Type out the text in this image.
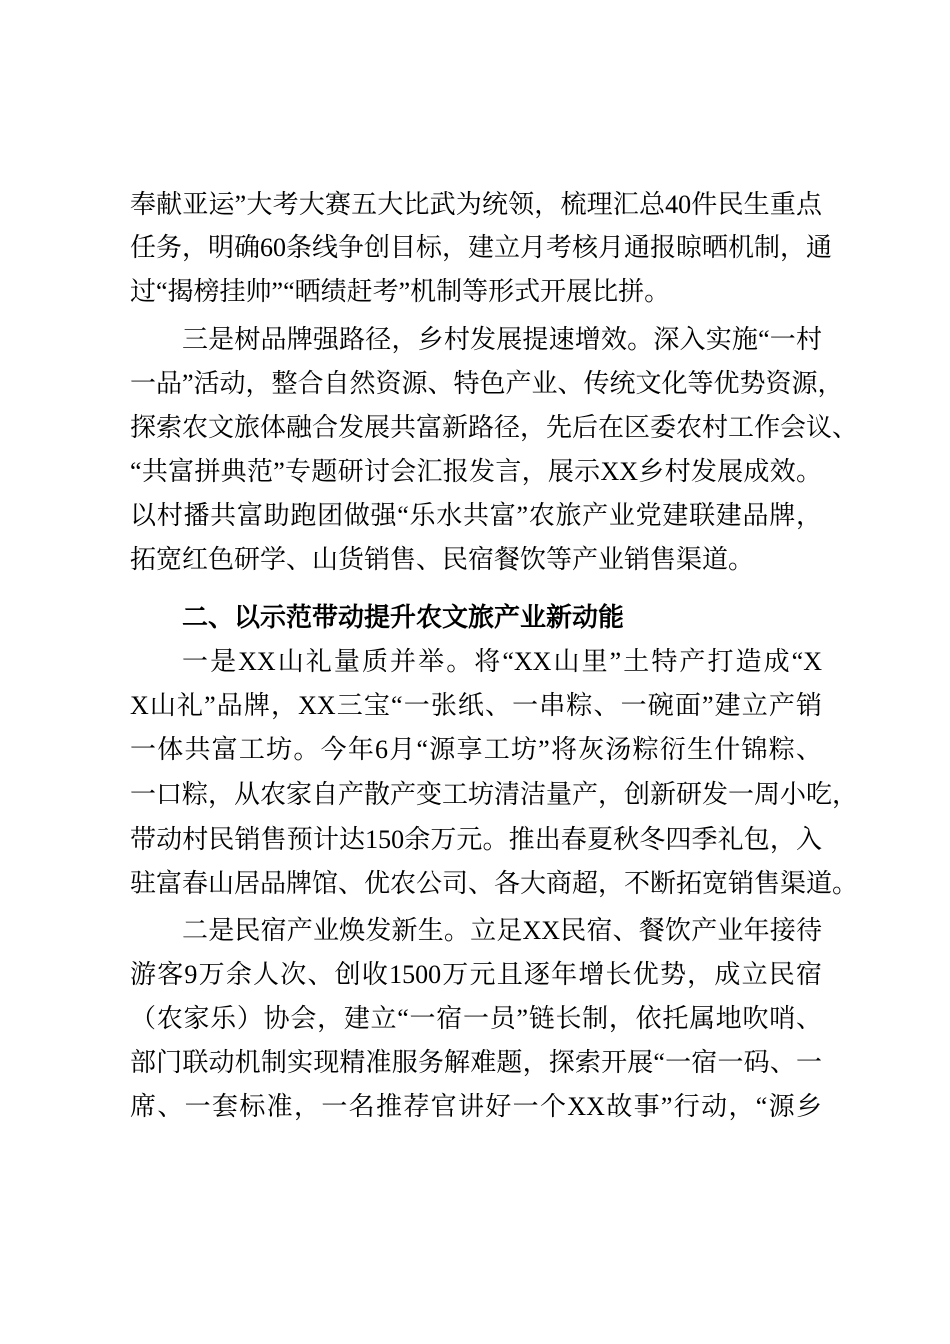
奉献亚运”大考大赛五大比武为统领，梳理汇总40件民生重点
任务，明确60条线争创目标，建立月考核月通报晾晒机制，通
过“揭榜挂帅”“晒绩赶考”机制等形式开展比拼。
三是树品牌强路径，乡村发展提速增效。深入实施“一村
一品”活动，整合自然资源、特色产业、传统文化等优势资源，
探索农文旅体融合发展共富新路径，先后在区委农村工作会议、
“共富拼典范”专题研讨会汇报发言，展示XX乡村发展成效。
以村播共富助跑团做强“乐水共富”农旅产业党建联建品牌，
拓宽红色研学、山货销售、民宿餐饮等产业销售渠道。
二、以示范带动提升农文旅产业新动能
一是XX山礼量质并举。将“XX山里”土特产打造成“X
X山礼”品牌，XX三宝“一张纸、一串粽、一碗面”建立产销
一体共富工坊。今年6月“源享工坊”将灰汤粽衍生什锦粽、
一口粽，从农家自产散产变工坊清洁量产，创新研发一周小吃，
带动村民销售预计达150余万元。推出春夏秋冬四季礼包，入
驻富春山居品牌馆、优农公司、各大商超，不断拓宽销售渠道。
二是民宿产业焕发新生。立足XX民宿、餐饮产业年接待
游客9万余人次、创收1500万元且逐年增长优势，成立民宿
（农家乐）协会，建立“一宿一员”链长制，依托属地吹哨、
部门联动机制实现精准服务解难题，探索开展“一宿一码、一
席、一套标准，一名推荐官讲好一个XX故事”行动，“源乡
